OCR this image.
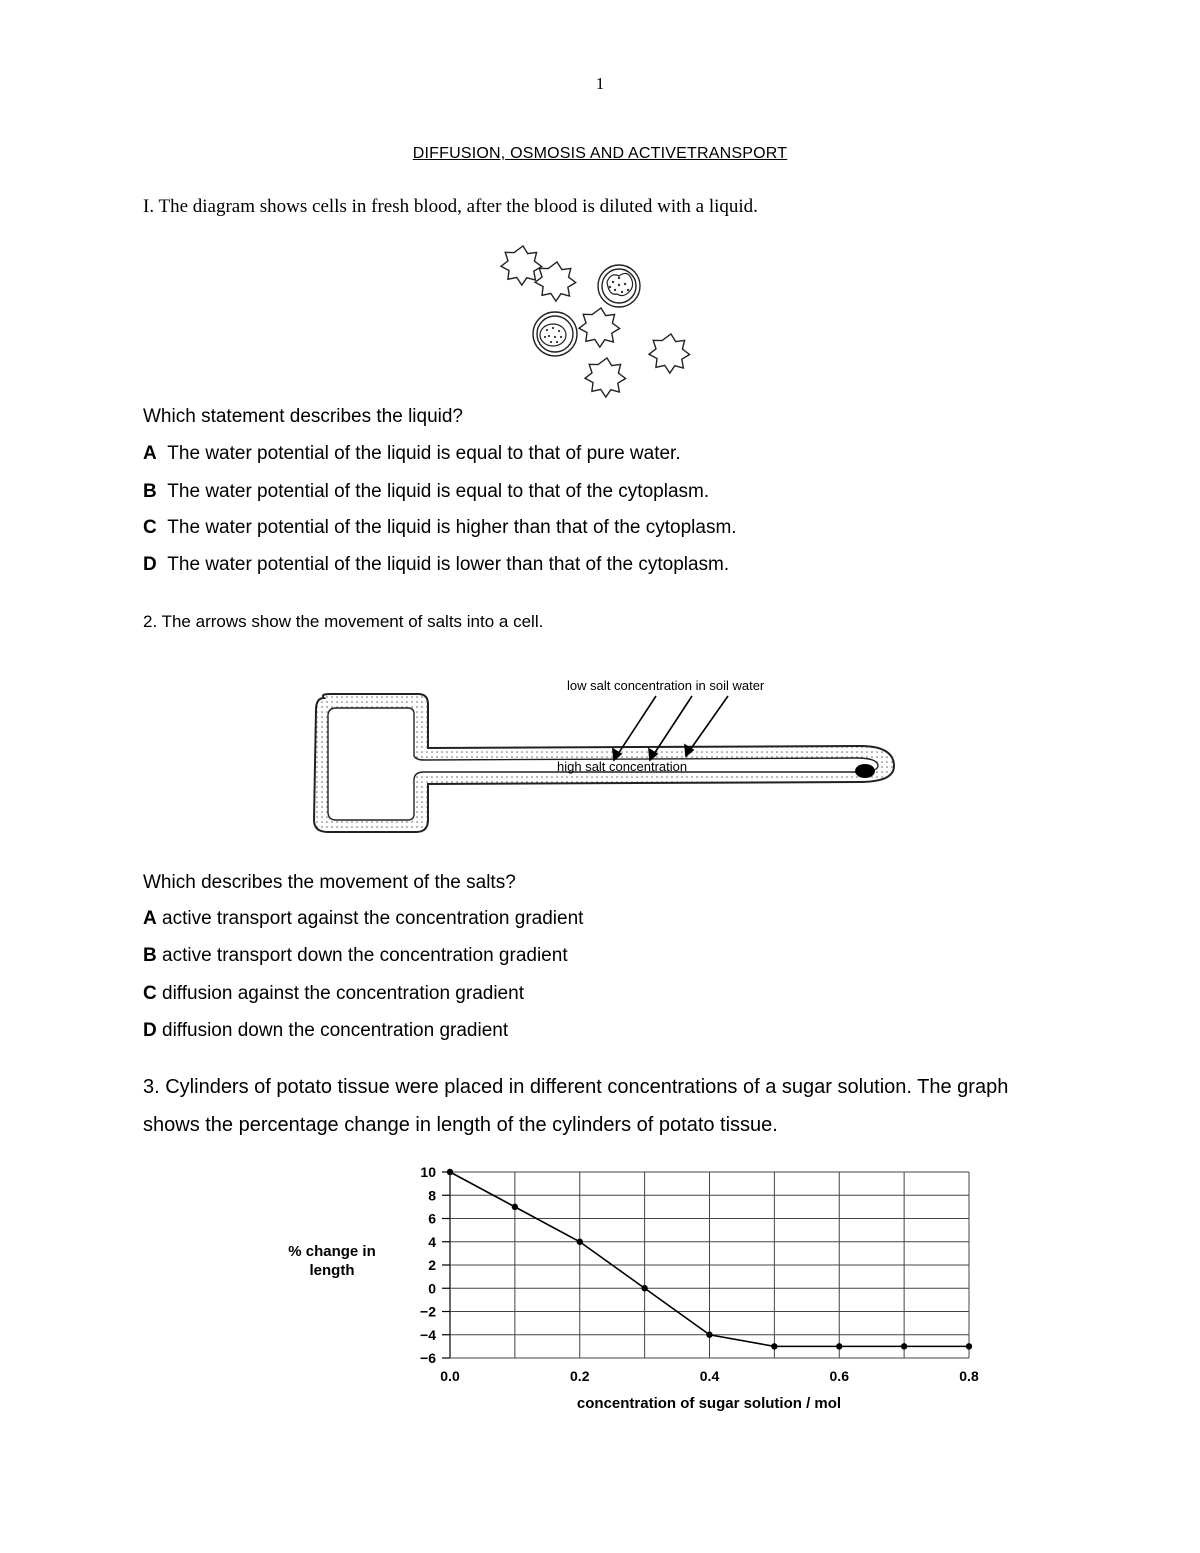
1
DIFFUSION, OSMOSIS AND ACTIVETRANSPORT
I. The diagram shows cells in fresh blood, after the blood is diluted with a liquid.
Which statement describes the liquid?
A The water potential of the liquid is equal to that of pure water.
B The water potential of the liquid is equal to that of the cytoplasm.
C The water potential of the liquid is higher than that of the cytoplasm.
D The water potential of the liquid is lower than that of the cytoplasm.
2. The arrows show the movement of salts into a cell.
low salt concentration in soil water
high salt concentration
Which describes the movement of the salts?
A active transport against the concentration gradient
B active transport down the concentration gradient
C diffusion against the concentration gradient
D diffusion down the concentration gradient
3. Cylinders of potato tissue were placed in different concentrations of a sugar solution. The graph shows the percentage change in length of the cylinders of potato tissue.
10
8
6
4
2
0
−2
−4
−6
0.0	0.2	0.4	0.6	0.8
% change in
length
concentration of sugar solution / mol
